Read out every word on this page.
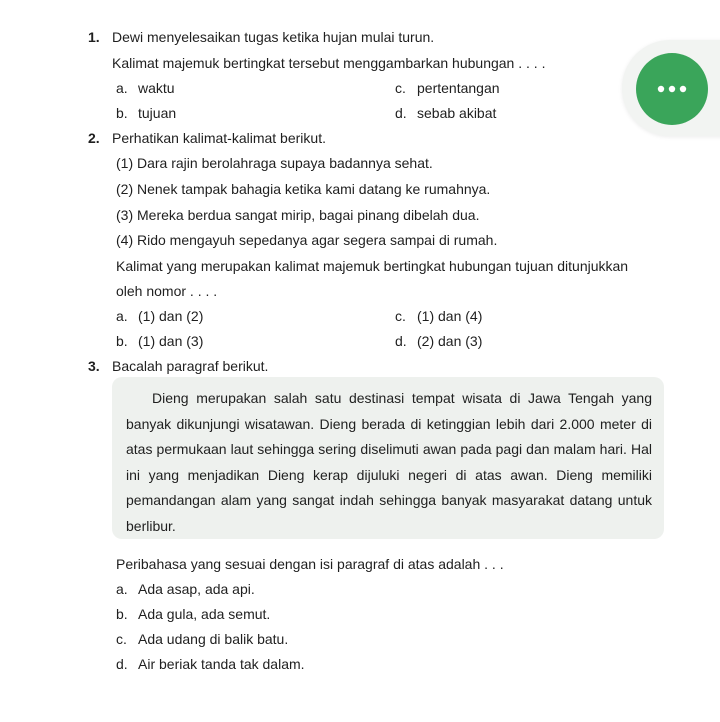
1. Dewi menyelesaikan tugas ketika hujan mulai turun.
Kalimat majemuk bertingkat tersebut menggambarkan hubungan . . . .
a. waktu
b. tujuan
c. pertentangan
d. sebab akibat
2. Perhatikan kalimat-kalimat berikut.
(1) Dara rajin berolahraga supaya badannya sehat.
(2) Nenek tampak bahagia ketika kami datang ke rumahnya.
(3) Mereka berdua sangat mirip, bagai pinang dibelah dua.
(4) Rido mengayuh sepedanya agar segera sampai di rumah.
Kalimat yang merupakan kalimat majemuk bertingkat hubungan tujuan ditunjukkan
oleh nomor . . . .
a. (1) dan (2)
b. (1) dan (3)
c. (1) dan (4)
d. (2) dan (3)
3. Bacalah paragraf berikut.
Dieng merupakan salah satu destinasi tempat wisata di Jawa Tengah yang banyak dikunjungi wisatawan. Dieng berada di ketinggian lebih dari 2.000 meter di atas permukaan laut sehingga sering diselimuti awan pada pagi dan malam hari. Hal ini yang menjadikan Dieng kerap dijuluki negeri di atas awan. Dieng memiliki pemandangan alam yang sangat indah sehingga banyak masyarakat datang untuk berlibur.
Peribahasa yang sesuai dengan isi paragraf di atas adalah . . .
a. Ada asap, ada api.
b. Ada gula, ada semut.
c. Ada udang di balik batu.
d. Air beriak tanda tak dalam.
